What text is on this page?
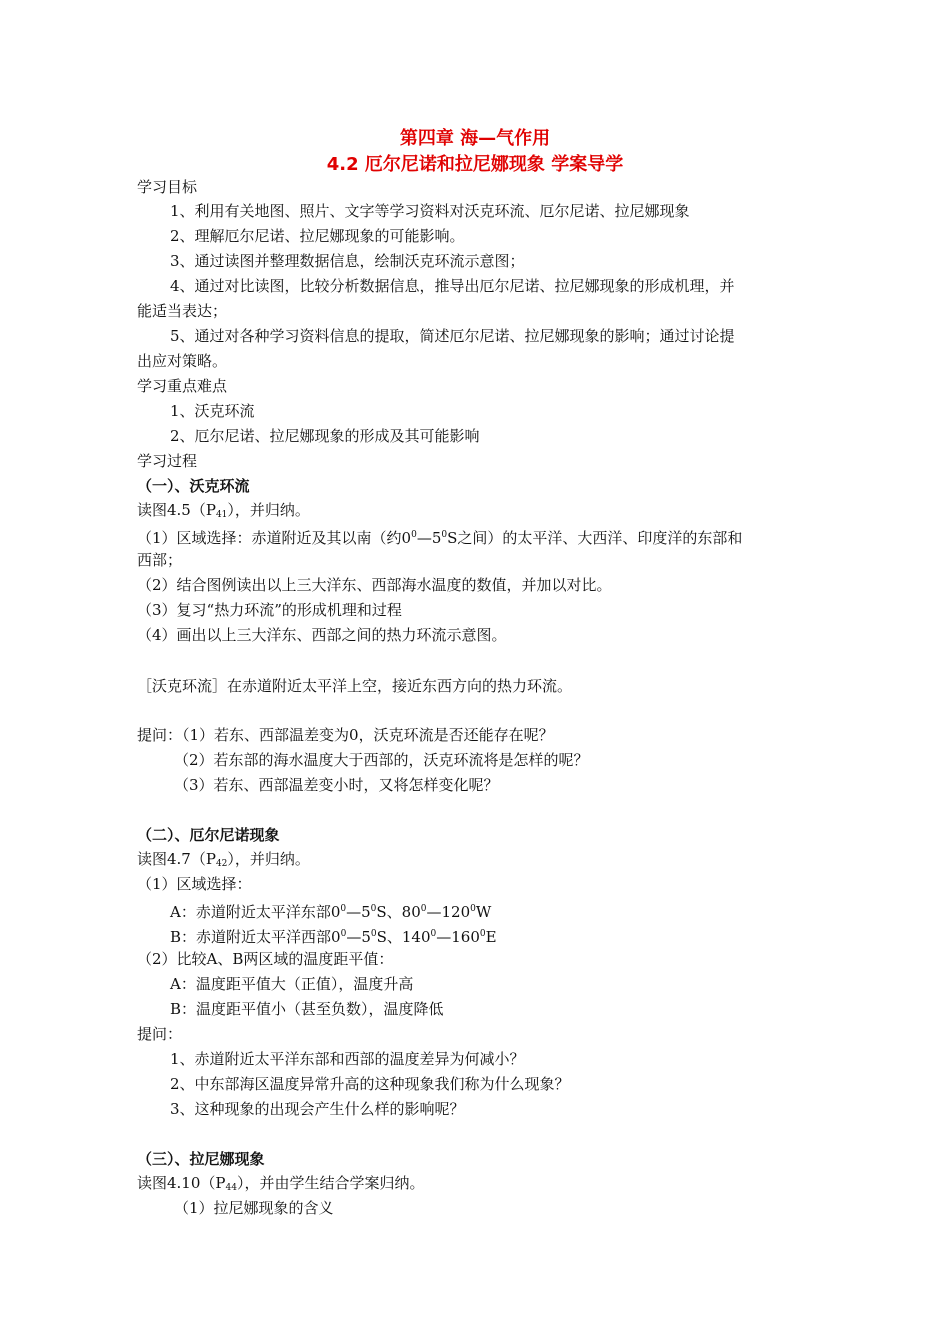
第四章 海—气作用
4.2 厄尔尼诺和拉尼娜现象 学案导学
学习目标
1、利用有关地图、照片、文字等学习资料对沃克环流、厄尔尼诺、拉尼娜现象
2、理解厄尔尼诺、拉尼娜现象的可能影响。
3、通过读图并整理数据信息，绘制沃克环流示意图；
4、通过对比读图，比较分析数据信息，推导出厄尔尼诺、拉尼娜现象的形成机理，并
能适当表达；
5、通过对各种学习资料信息的提取，简述厄尔尼诺、拉尼娜现象的影响；通过讨论提
出应对策略。
学习重点难点
1、沃克环流
2、厄尔尼诺、拉尼娜现象的形成及其可能影响
学习过程
（一）、沃克环流
读图$4.5(P_{41})$，并归纳。
（1）区域选择：赤道附近及其以南（约$0^0—5^0S$之间）的太平洋、大西洋、印度洋的东部和
西部；
（2）结合图例读出以上三大洋东、西部海水温度的数值，并加以对比。
（3）复习“热力环流”的形成机理和过程
（4）画出以上三大洋东、西部之间的热力环流示意图。
［沃克环流］在赤道附近太平洋上空，接近东西方向的热力环流。
提问：（1）若东、西部温差变为0，沃克环流是否还能存在呢？
（2）若东部的海水温度大于西部的，沃克环流将是怎样的呢？
（3）若东、西部温差变小时，又将怎样变化呢？
（二）、厄尔尼诺现象
读图$4.7(P_{42})$，并归纳。
（1）区域选择：
A：赤道附近太平洋东部$0^0—5^0S$、$80^0—120^0W$
B：赤道附近太平洋西部$0^0—5^0S$、$140^0—160^0E$
（2）比较A、B两区域的温度距平值：
A：温度距平值大（正值），温度升高
B：温度距平值小（甚至负数），温度降低
提问：
1、赤道附近太平洋东部和西部的温度差异为何减小？
2、中东部海区温度异常升高的这种现象我们称为什么现象？
3、这种现象的出现会产生什么样的影响呢？
（三）、拉尼娜现象
读图$4.10(P_{44})$，并由学生结合学案归纳。
（1）拉尼娜现象的含义
